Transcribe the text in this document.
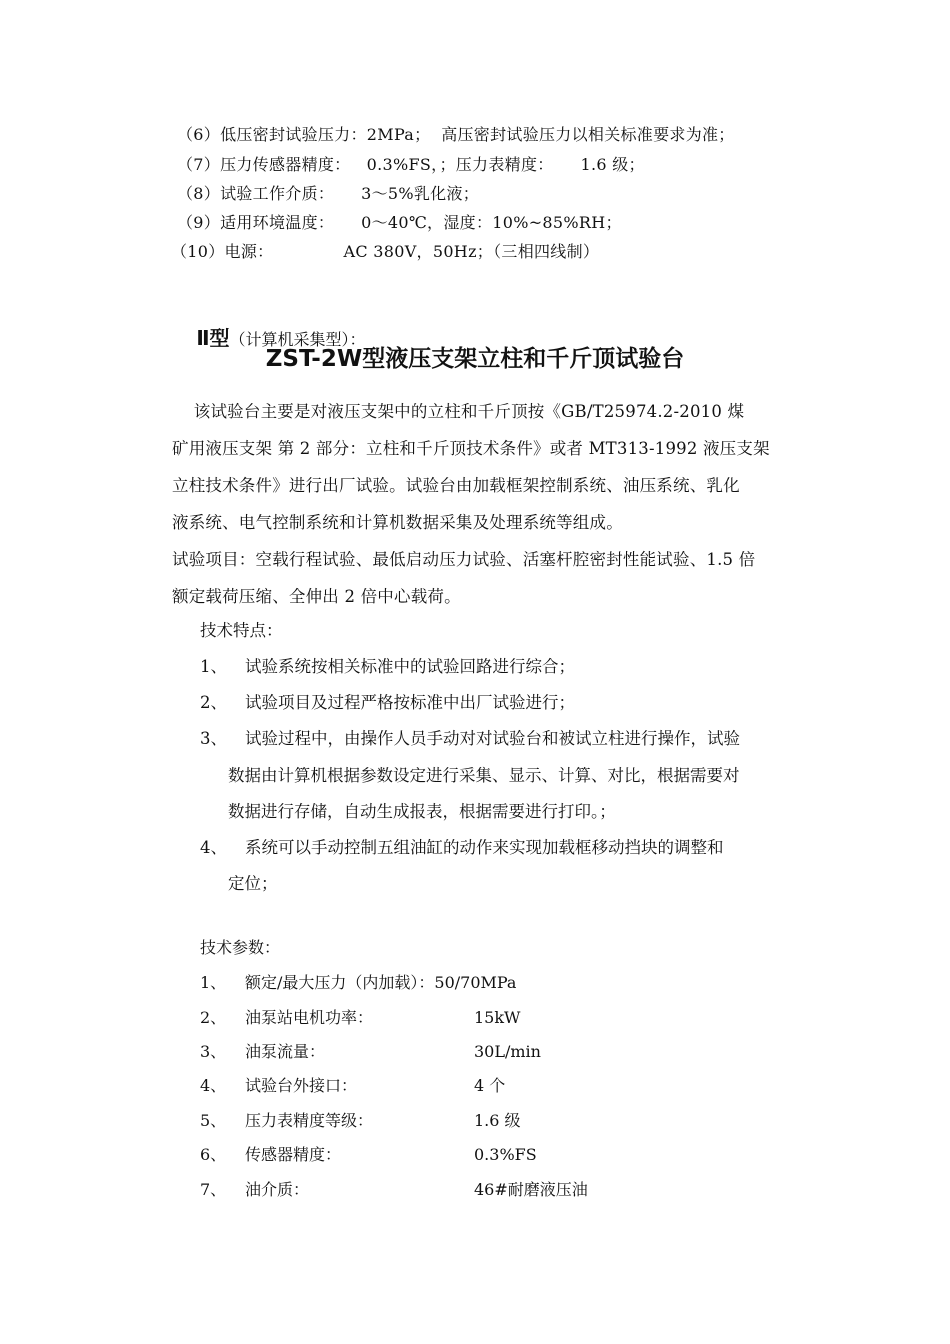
（6）低压密封试验压力：2MPa；  高压密封试验压力以相关标准要求为准；
（7）压力传感器精度：   0.3%FS，；压力表精度：     1.6 级；
（8）试验工作介质：     3～5%乳化液；
（9）适用环境温度：     0～40℃，湿度：10%~85%RH；
（10）电源：             AC 380V，50Hz；（三相四线制）

Ⅱ型（计算机采集型）：

ZST-2W型液压支架立柱和千斤顶试验台
该试验台主要是对液压支架中的立柱和千斤顶按《GB/T25974.2-2010 煤
矿用液压支架 第 2 部分：立柱和千斤顶技术条件》或者 MT313-1992 液压支架
立柱技术条件》进行出厂试验。试验台由加载框架控制系统、油压系统、乳化
液系统、电气控制系统和计算机数据采集及处理系统等组成。
试验项目：空载行程试验、最低启动压力试验、活塞杆腔密封性能试验、1.5 倍
额定载荷压缩、全伸出 2 倍中心载荷。
技术特点：
1、 试验系统按相关标准中的试验回路进行综合；
2、 试验项目及过程严格按标准中出厂试验进行；
3、 试验过程中，由操作人员手动对对试验台和被试立柱进行操作，试验
数据由计算机根据参数设定进行采集、显示、计算、对比，根据需要对
数据进行存储，自动生成报表，根据需要进行打印。；
4、 系统可以手动控制五组油缸的动作来实现加载框移动挡块的调整和
定位；
技术参数：
1、 额定/最大压力（内加载）：50/70MPa
2、 油泵站电机功率：	15kW
3、 油泵流量：	30L/min
4、 试验台外接口：	4 个
5、 压力表精度等级：	1.6 级
6、 传感器精度：	0.3%FS
7、 油介质：	46#耐磨液压油
